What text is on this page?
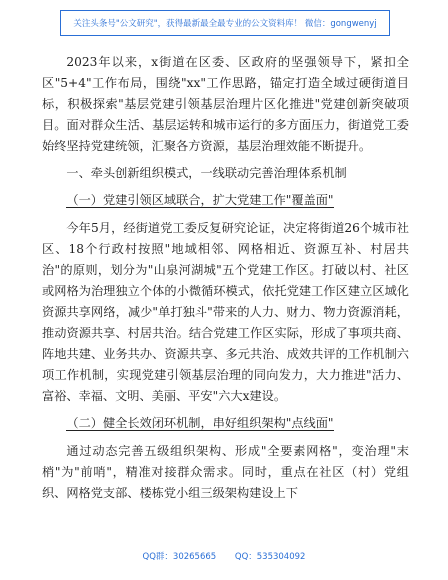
关注头条号"公文研究"，获得最新最全最专业的公文资料库！ 微信：gongwenyj

2023年以来，x街道在区委、区政府的坚强领导下，紧扣全区"5+4"工作布局，围绕"xx"工作思路，锚定打造全域过硬街道目标，积极探索"基层党建引领基层治理片区化推进"党建创新突破项目。面对群众生活、基层运转和城市运行的多方面压力，街道党工委始终坚持党建统领，汇聚各方资源，基层治理效能不断提升。

一、牵头创新组织模式，一线联动完善治理体系机制

（一）党建引领区域联合，扩大党建工作"覆盖面"

今年5月，经街道党工委反复研究论证，决定将街道26个城市社区、18个行政村按照"地域相邻、网格相近、资源互补、村居共治"的原则，划分为"山泉河湖城"五个党建工作区。打破以村、社区或网格为治理独立个体的小微循环模式，依托党建工作区建立区域化资源共享网络，减少"单打独斗"带来的人力、财力、物力资源消耗，推动资源共享、村居共治。结合党建工作区实际，形成了事项共商、阵地共建、业务共办、资源共享、多元共治、成效共评的工作机制六项工作机制，实现党建引领基层治理的同向发力，大力推进"活力、富裕、幸福、文明、美丽、平安"六大x建设。

（二）健全长效闭环机制，串好组织架构"点线面"

通过动态完善五级组织架构、形成"全要素网格"，变治理"末梢"为"前哨"，精准对接群众需求。同时，重点在社区（村）党组织、网格党支部、楼栋党小组三级架构建设上下

QQ群：30265665 QQ：535304092
